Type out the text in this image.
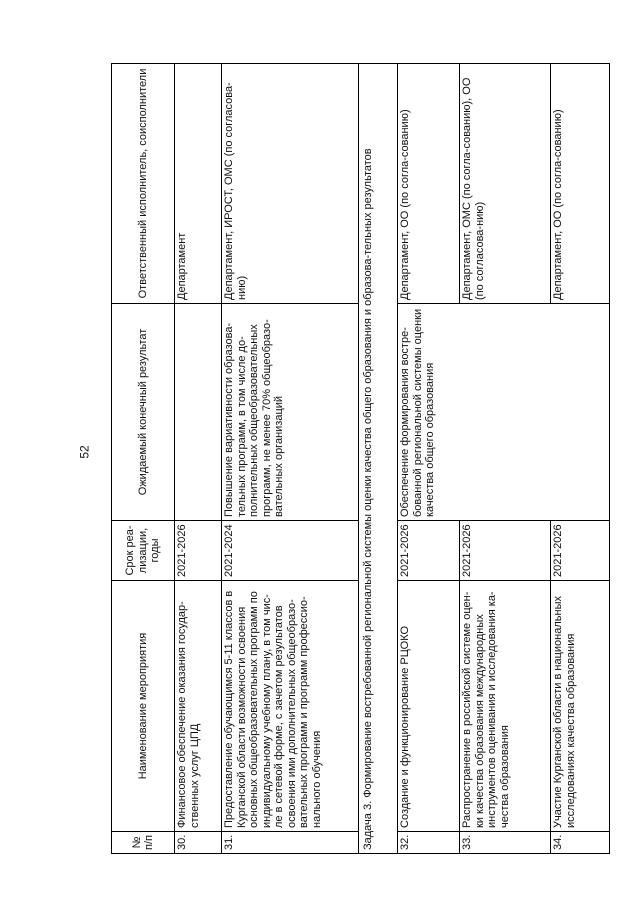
52
№ п/п	Наименование мероприятия	Срок реа-лизации, годы	Ожидаемый конечный результат	Ответственный исполнитель, соисполнители
30.	Финансовое обеспечение оказания государ-ственных услуг ЦПД	2021-2026		Департамент
31.	Предоставление обучающимся 5-11 классов в Курганской области возможности освоения основных общеобразовательных программ по индивидуальному учебному плану, в том чис-ле в сетевой форме, с зачетом результатов освоения ими дополнительных общеобразо-вательных программ и программ профессио-нального обучения	2021-2024	Повышение вариативности образова-тельных программ, в том числе до-полнительных общеобразовательных программ, не менее 70% общеобразо-вательных организаций	Департамент, ИРОСТ, ОМС (по согласова-нию)
Задача 3. Формирование востребованной региональной системы оценки качества общего образования и образова-тельных результатов				
32.	Создание и функционирование РЦОКО	2021-2026	Обеспечение формирования востре-бованной региональной системы оценки качества общего образования	Департамент, ОО (по согла-сованию)
33.	Распространение в российской системе оцен-ки качества образования международных инструментов оценивания и исследования ка-чества образования	2021-2026		Департамент, ОМС (по согла-сованию), ОО (по согласова-нию)
34.	Участие Курганской области в национальных исследованиях качества образования	2021-2026		Департамент, ОО (по согла-сованию)
